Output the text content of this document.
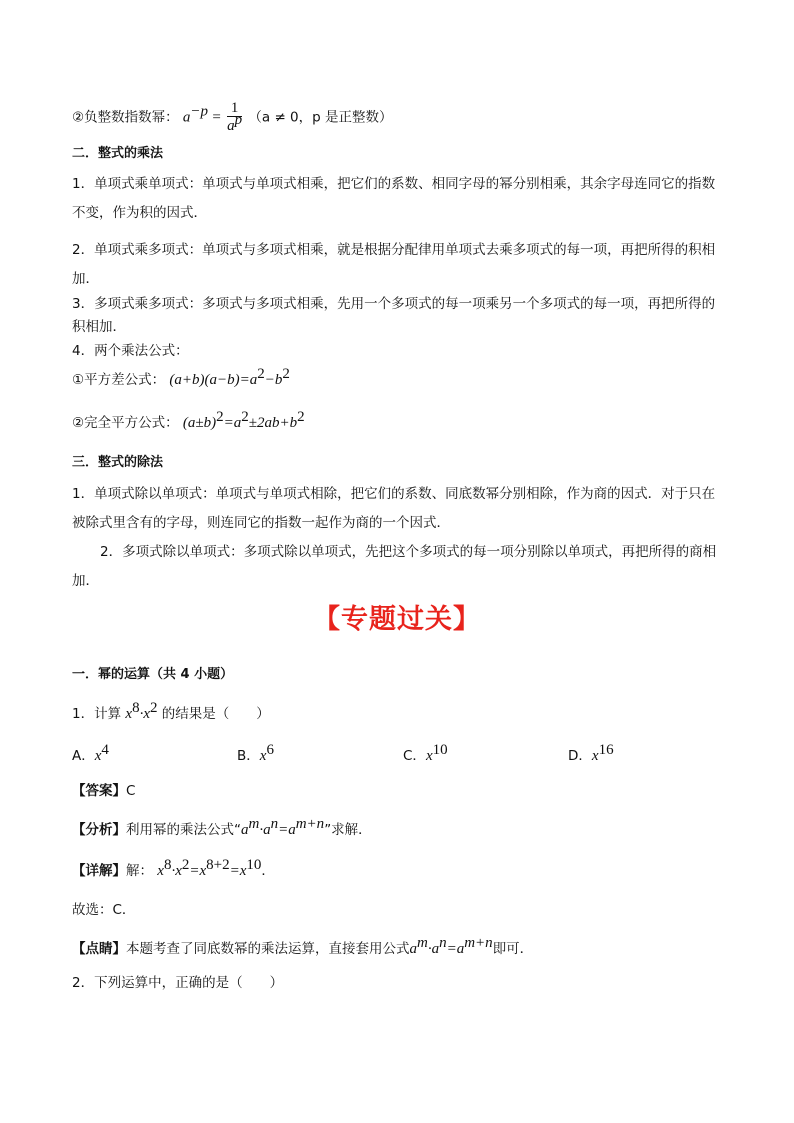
②负整数指数幂： $a^{-p} = \frac{1}{a^p} (a \ne 0$，p 是正整数）
二．整式的乘法
1．单项式乘单项式：单项式与单项式相乘，把它们的系数、相同字母的幂分别相乘，其余字母连同它的指数不变，作为积的因式．
2．单项式乘多项式：单项式与多项式相乘，就是根据分配律用单项式去乘多项式的每一项，再把所得的积相加．
3．多项式乘多项式：多项式与多项式相乘，先用一个多项式的每一项乘另一个多项式的每一项，再把所得的积相加．
4．两个乘法公式：
①平方差公式： $(a+b)(a-b)=a^2-b^2$
②完全平方公式： $(a\pm b)^2=a^2\pm 2ab+b^2$
三．整式的除法
1．单项式除以单项式：单项式与单项式相除，把它们的系数、同底数幂分别相除，作为商的因式．对于只在被除式里含有的字母，则连同它的指数一起作为商的一个因式．
2．多项式除以单项式：多项式除以单项式，先把这个多项式的每一项分别除以单项式，再把所得的商相加．
【专题过关】
一．幂的运算（共 4 小题）
1．计算 $x^8\cdot x^2$ 的结果是（　　）
A．$x^4$	B．$x^6$	C．$x^{10}$	D．$x^{16}$
【答案】C
【分析】利用幂的乘法公式“$a^m\cdot a^n=a^{m+n}$”求解．
【详解】解： $x^8\cdot x^2=x^{8+2}=x^{10}$．
故选：C．
【点睛】本题考查了同底数幂的乘法运算，直接套用公式$a^m\cdot a^n=a^{m+n}$即可．
2．下列运算中，正确的是（　　）
